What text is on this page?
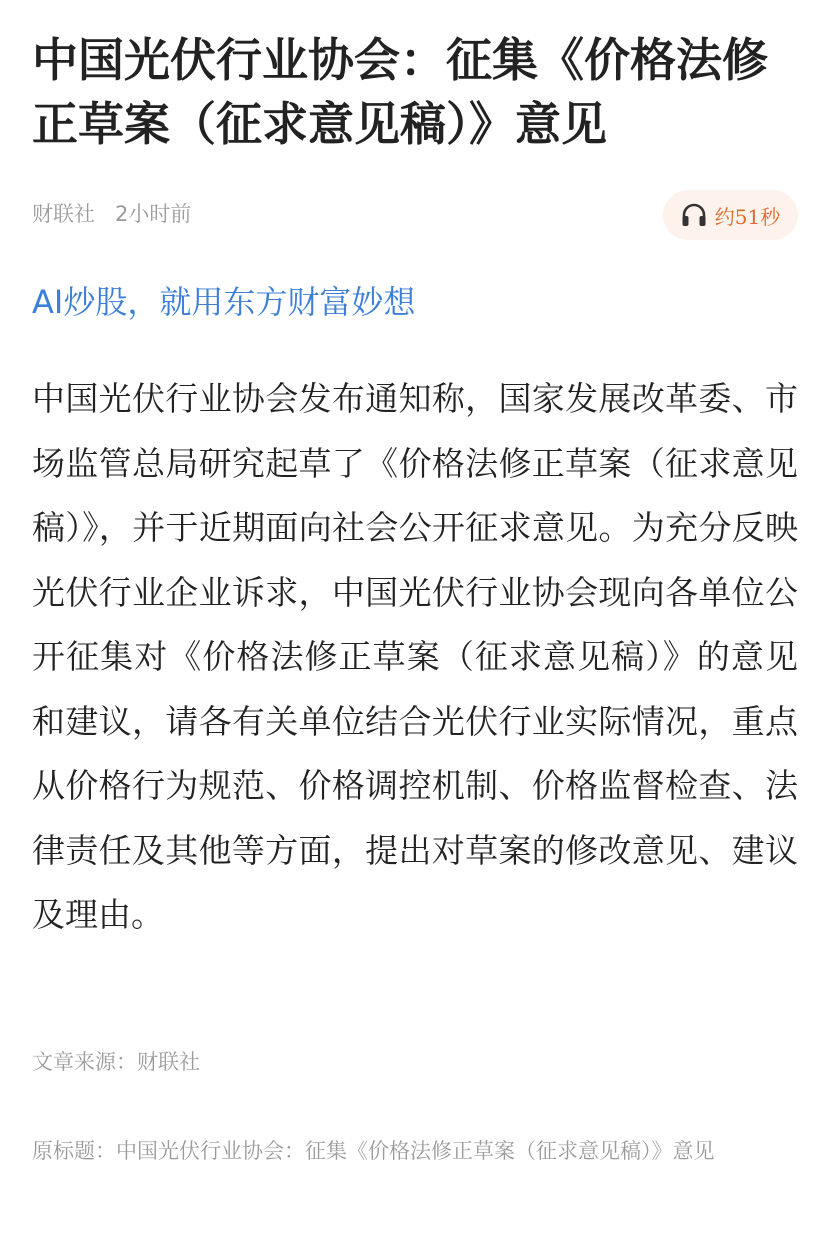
中国光伏行业协会：征集《价格法修正草案（征求意见稿）》意见
财联社 2小时前	约51秒
AI炒股，就用东方财富妙想

中国光伏行业协会发布通知称，国家发展改革委、市场监管总局研究起草了《价格法修正草案（征求意见稿）》，并于近期面向社会公开征求意见。为充分反映光伏行业企业诉求，中国光伏行业协会现向各单位公开征集对《价格法修正草案（征求意见稿）》的意见和建议，请各有关单位结合光伏行业实际情况，重点从价格行为规范、价格调控机制、价格监督检查、法律责任及其他等方面，提出对草案的修改意见、建议及理由。

文章来源：财联社
原标题：中国光伏行业协会：征集《价格法修正草案（征求意见稿）》意见
